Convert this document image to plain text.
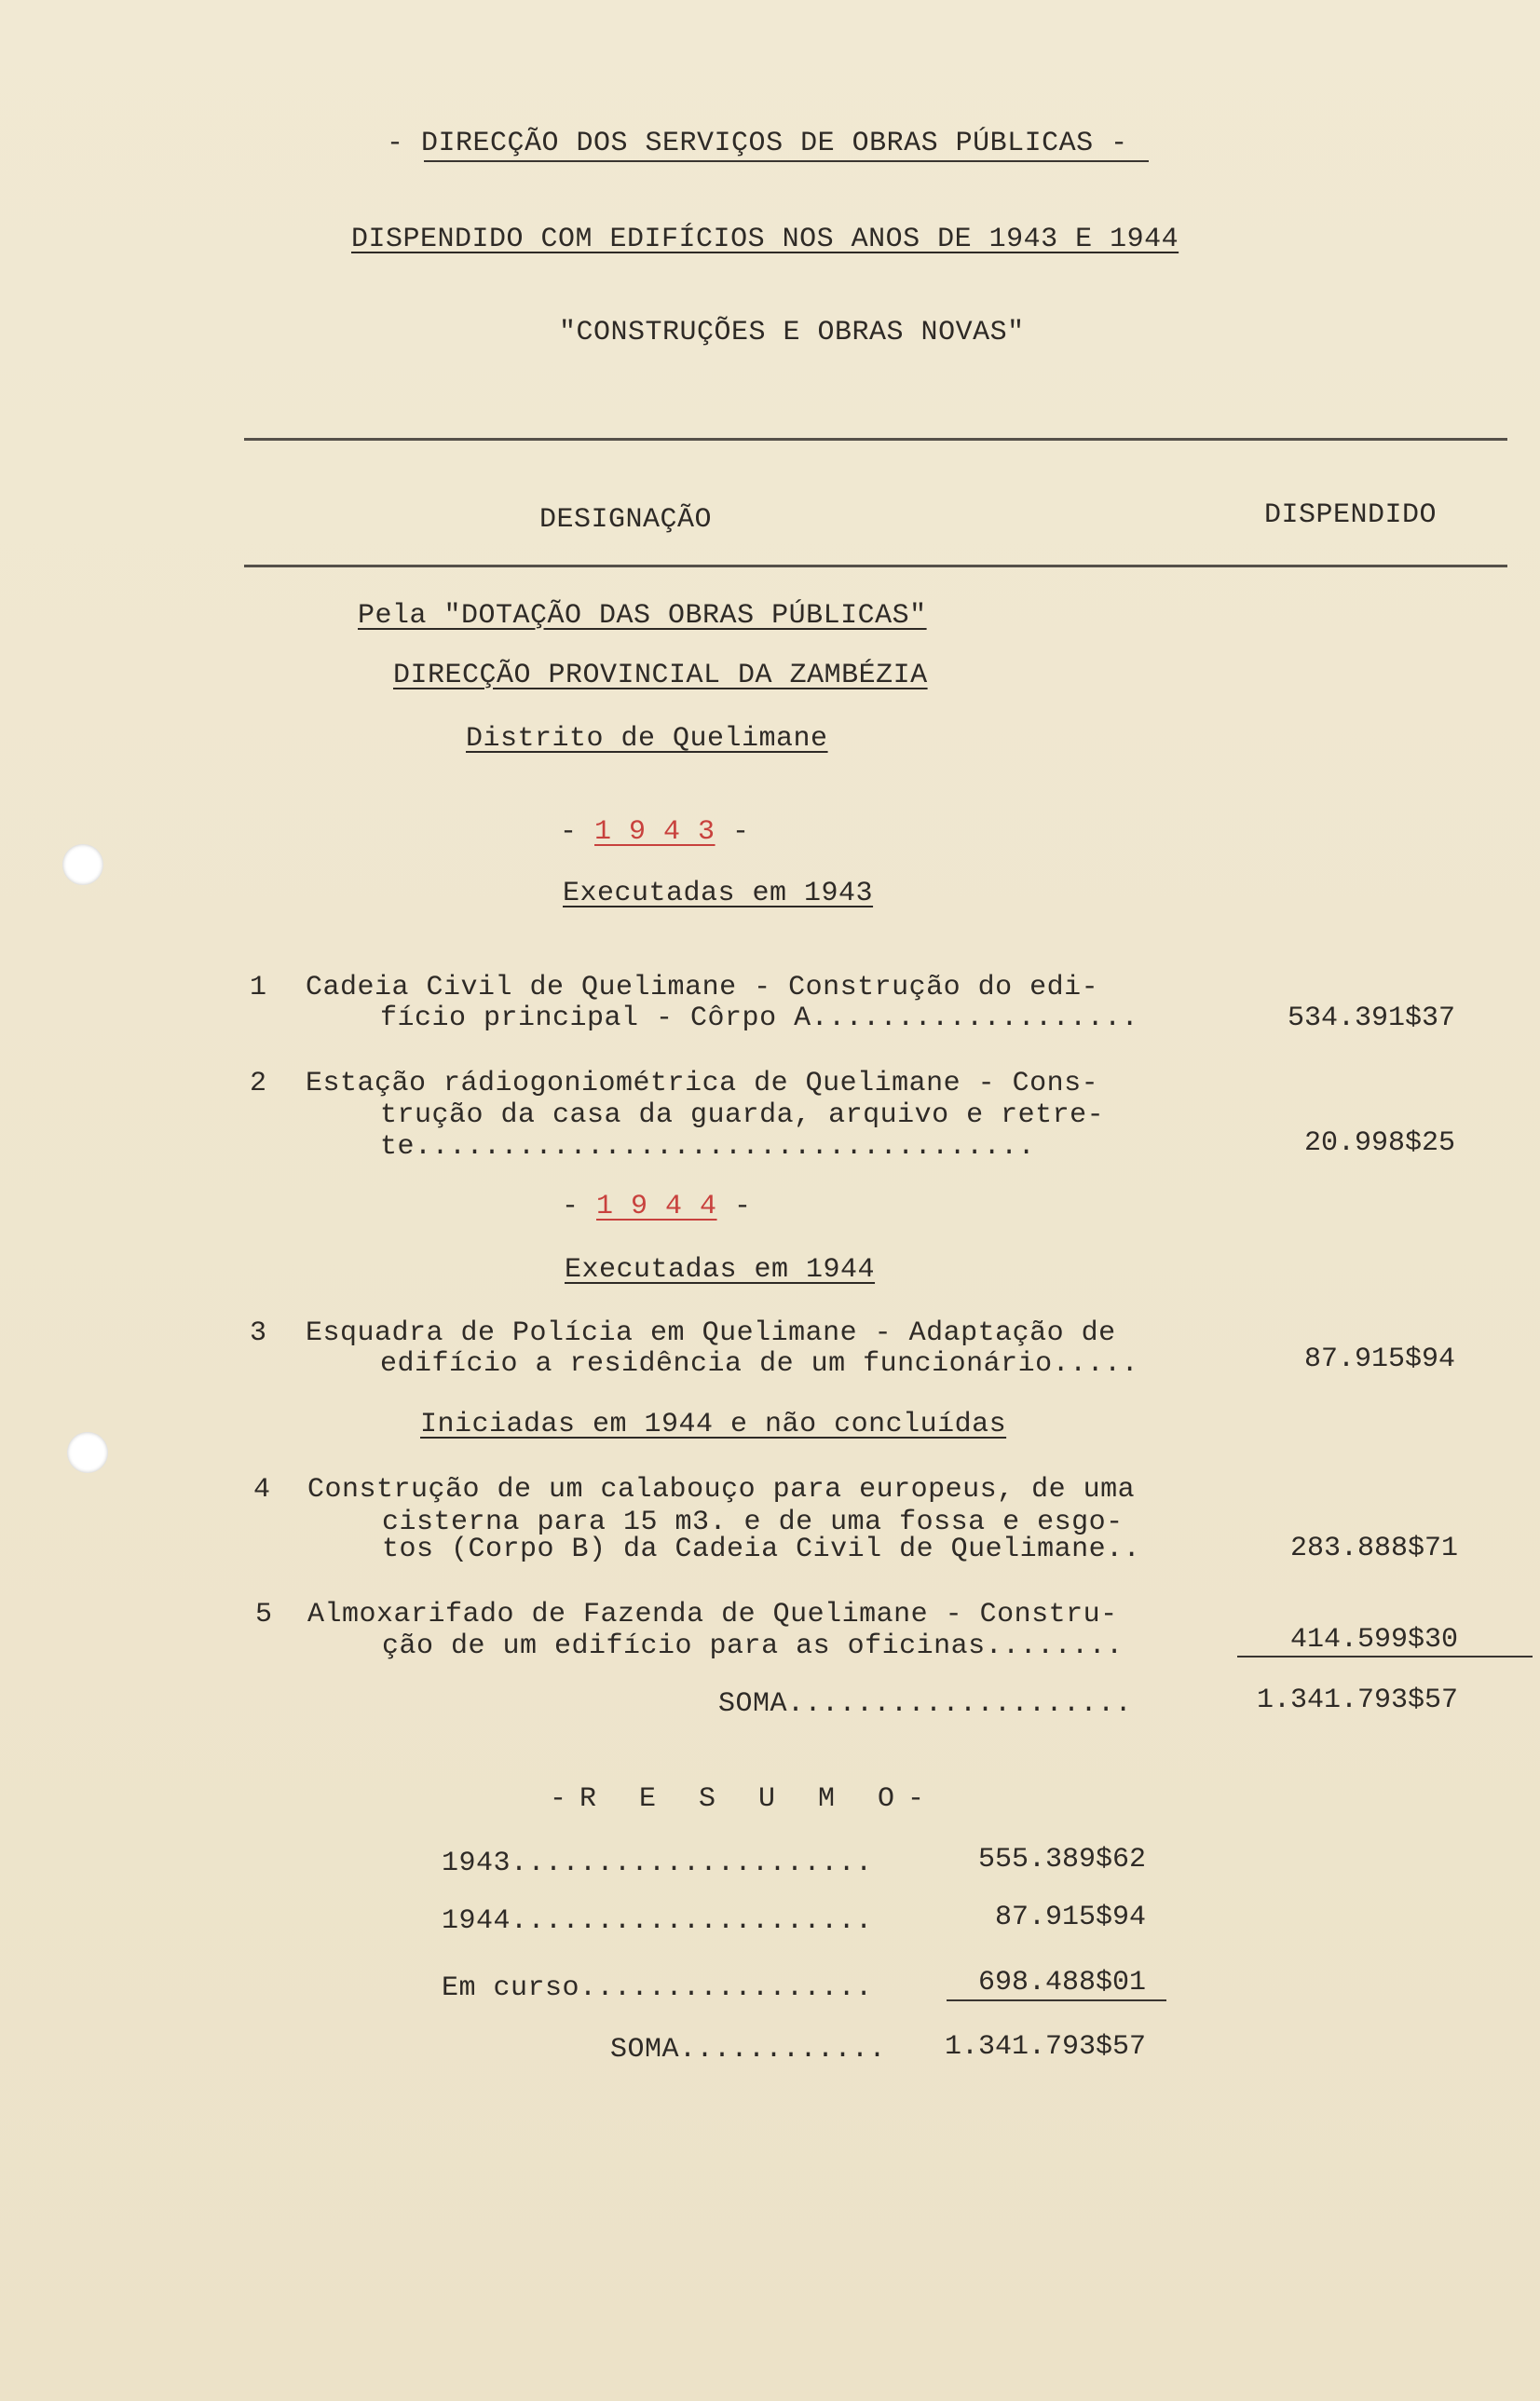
- DIRECÇÃO DOS SERVIÇOS DE OBRAS PÚBLICAS -
DISPENDIDO COM EDIFÍCIOS NOS ANOS DE 1943 E 1944
"CONSTRUÇÕES E OBRAS NOVAS"
DESIGNAÇÃO	DISPENDIDO
Pela "DOTAÇÃO DAS OBRAS PÚBLICAS"
DIRECÇÃO PROVINCIAL DA ZAMBÉZIA
Distrito de Quelimane
- 1 9 4 3 -
Executadas em 1943
1 Cadeia Civil de Quelimane - Construção do edi-
fício principal - Côrpo A...................	534.391$37
2 Estação rádiogoniométrica de Quelimane - Cons-
trução da casa da guarda, arquivo e retre-
te....................................	20.998$25
- 1 9 4 4 -
Executadas em 1944
3 Esquadra de Polícia em Quelimane - Adaptação de
edifício a residência de um funcionário.....	87.915$94
Iniciadas em 1944 e não concluídas
4 Construção de um calabouço para europeus, de uma
cisterna para 15 m3. e de uma fossa e esgo-
tos (Corpo B) da Cadeia Civil de Quelimane..	283.888$71
5 Almoxarifado de Fazenda de Quelimane - Constru-
ção de um edifício para as oficinas........	414.599$30
SOMA....................	1.341.793$57
-R E S U M O-
1943.....................	555.389$62
1944.....................	87.915$94
Em curso.................	698.488$01
SOMA............	1.341.793$57
